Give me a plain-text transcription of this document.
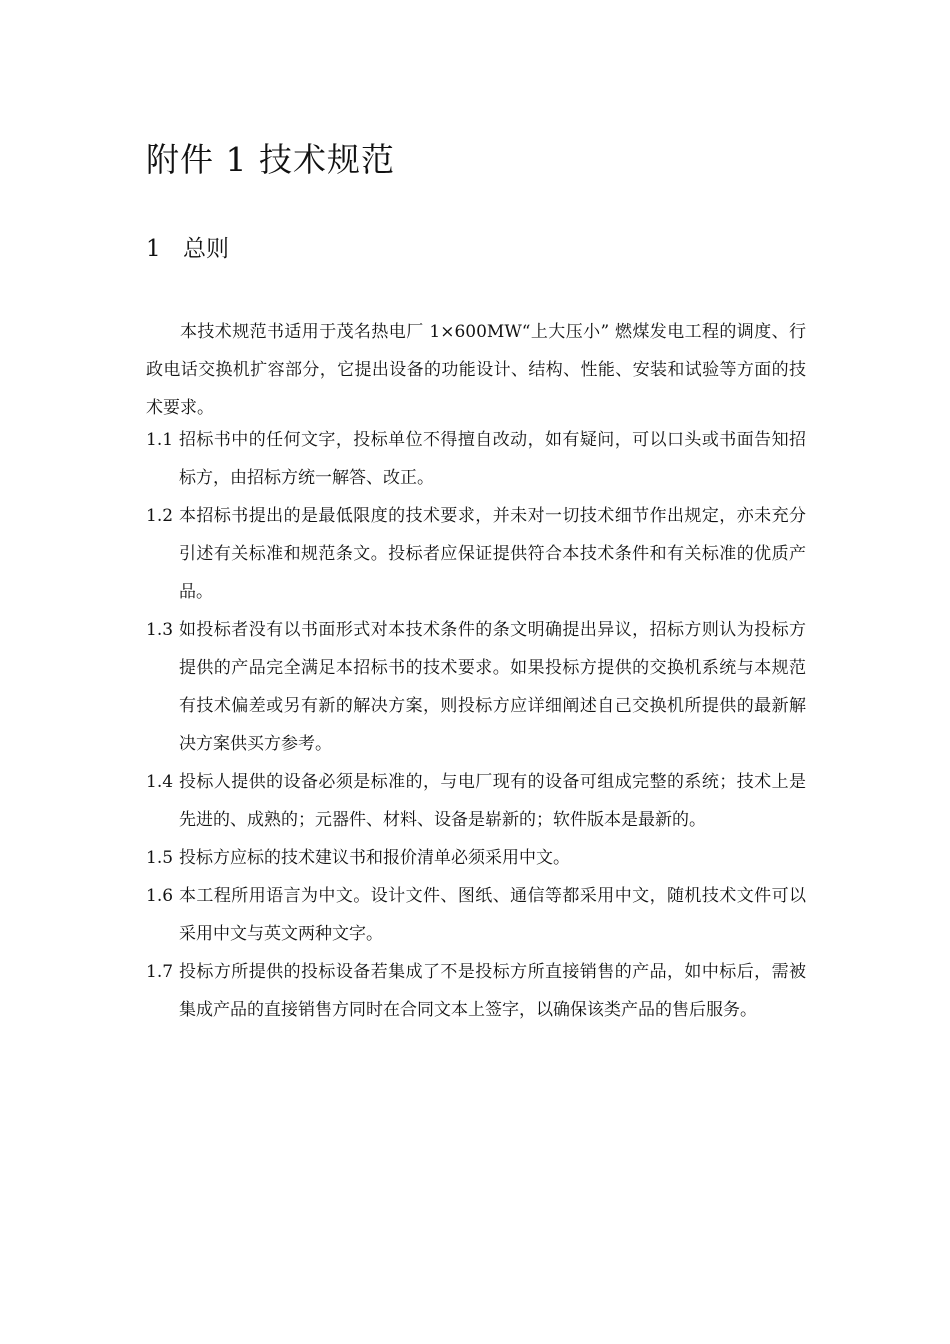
附件 1 技术规范
1 总则
本技术规范书适用于茂名热电厂 1×600MW“上大压小” 燃煤发电工程的调度、行政电话交换机扩容部分，它提出设备的功能设计、结构、性能、安装和试验等方面的技术要求。
1.1 招标书中的任何文字，投标单位不得擅自改动，如有疑问，可以口头或书面告知招标方，由招标方统一解答、改正。
1.2 本招标书提出的是最低限度的技术要求，并未对一切技术细节作出规定，亦未充分引述有关标准和规范条文。投标者应保证提供符合本技术条件和有关标准的优质产品。
1.3 如投标者没有以书面形式对本技术条件的条文明确提出异议，招标方则认为投标方提供的产品完全满足本招标书的技术要求。如果投标方提供的交换机系统与本规范有技术偏差或另有新的解决方案，则投标方应详细阐述自己交换机所提供的最新解决方案供买方参考。
1.4 投标人提供的设备必须是标准的，与电厂现有的设备可组成完整的系统；技术上是先进的、成熟的；元器件、材料、设备是崭新的；软件版本是最新的。
1.5 投标方应标的技术建议书和报价清单必须采用中文。
1.6 本工程所用语言为中文。设计文件、图纸、通信等都采用中文，随机技术文件可以采用中文与英文两种文字。
1.7 投标方所提供的投标设备若集成了不是投标方所直接销售的产品，如中标后，需被集成产品的直接销售方同时在合同文本上签字，以确保该类产品的售后服务。
